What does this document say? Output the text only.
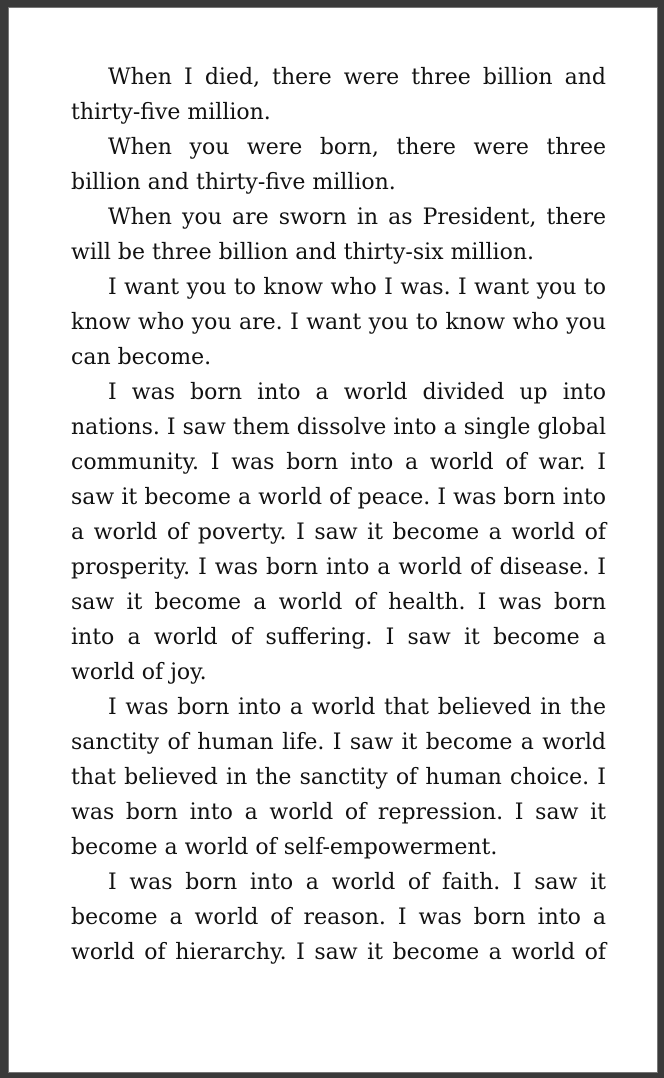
When I died, there were three billion and thirty-five million.

When you were born, there were three billion and thirty-five million.

When you are sworn in as President, there will be three billion and thirty-six million.

I want you to know who I was. I want you to know who you are. I want you to know who you can become.

I was born into a world divided up into nations. I saw them dissolve into a single global community. I was born into a world of war. I saw it become a world of peace. I was born into a world of poverty. I saw it become a world of prosperity. I was born into a world of disease. I saw it become a world of health. I was born into a world of suffering. I saw it become a world of joy.

I was born into a world that believed in the sanctity of human life. I saw it become a world that believed in the sanctity of human choice. I was born into a world of repression. I saw it become a world of self-empowerment.

I was born into a world of faith. I saw it become a world of reason. I was born into a world of hierarchy. I saw it become a world of
